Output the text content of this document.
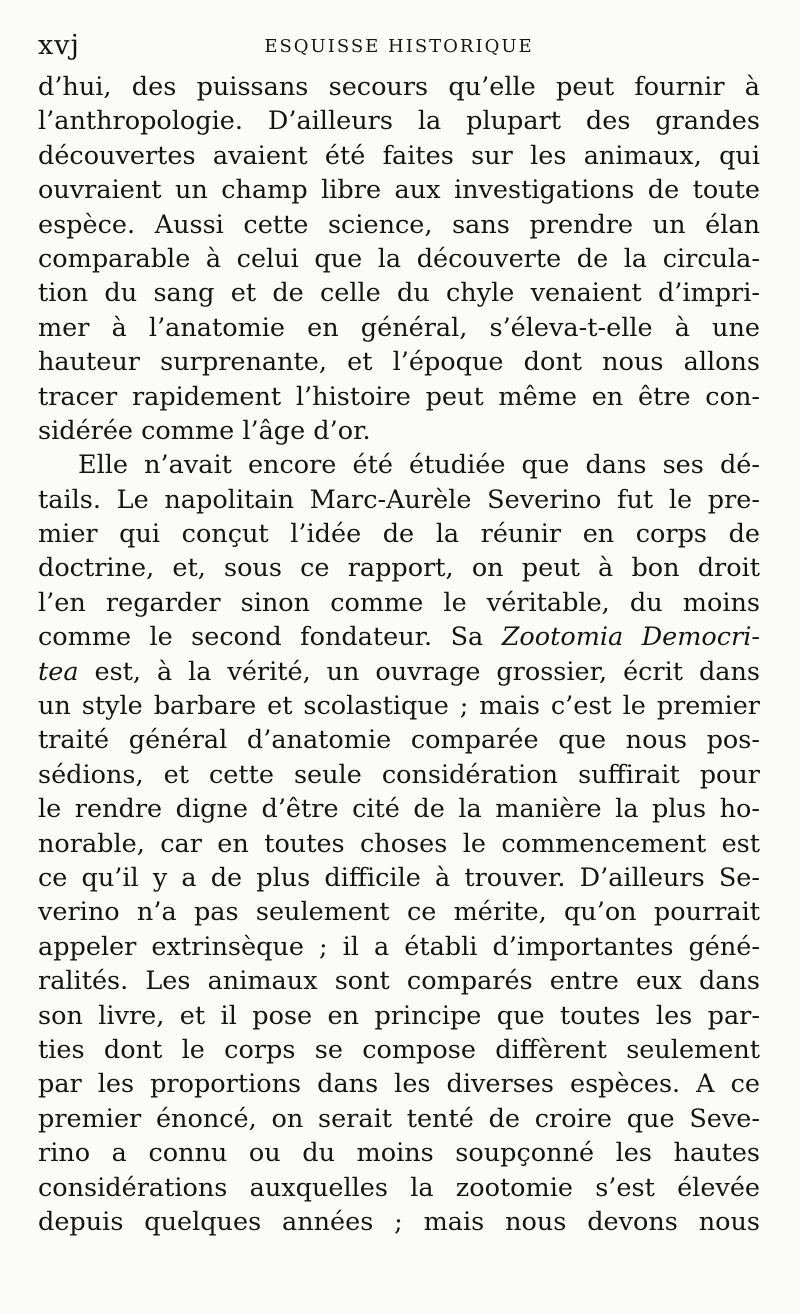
xvj	ESQUISSE HISTORIQUE
d’hui, des puissans secours qu’elle peut fournir à
l’anthropologie. D’ailleurs la plupart des grandes
découvertes avaient été faites sur les animaux, qui
ouvraient un champ libre aux investigations de toute
espèce. Aussi cette science, sans prendre un élan
comparable à celui que la découverte de la circula-
tion du sang et de celle du chyle venaient d’impri-
mer à l’anatomie en général, s’éleva-t-elle à une
hauteur surprenante, et l’époque dont nous allons
tracer rapidement l’histoire peut même en être con-
sidérée comme l’âge d’or.
Elle n’avait encore été étudiée que dans ses dé-
tails. Le napolitain Marc-Aurèle Severino fut le pre-
mier qui conçut l’idée de la réunir en corps de
doctrine, et, sous ce rapport, on peut à bon droit
l’en regarder sinon comme le véritable, du moins
comme le second fondateur. Sa Zootomia Democri-
tea est, à la vérité, un ouvrage grossier, écrit dans
un style barbare et scolastique ; mais c’est le premier
traité général d’anatomie comparée que nous pos-
sédions, et cette seule considération suffirait pour
le rendre digne d’être cité de la manière la plus ho-
norable, car en toutes choses le commencement est
ce qu’il y a de plus difficile à trouver. D’ailleurs Se-
verino n’a pas seulement ce mérite, qu’on pourrait
appeler extrinsèque ; il a établi d’importantes géné-
ralités. Les animaux sont comparés entre eux dans
son livre, et il pose en principe que toutes les par-
ties dont le corps se compose diffèrent seulement
par les proportions dans les diverses espèces. A ce
premier énoncé, on serait tenté de croire que Seve-
rino a connu ou du moins soupçonné les hautes
considérations auxquelles la zootomie s’est élevée
depuis quelques années ; mais nous devons nous
